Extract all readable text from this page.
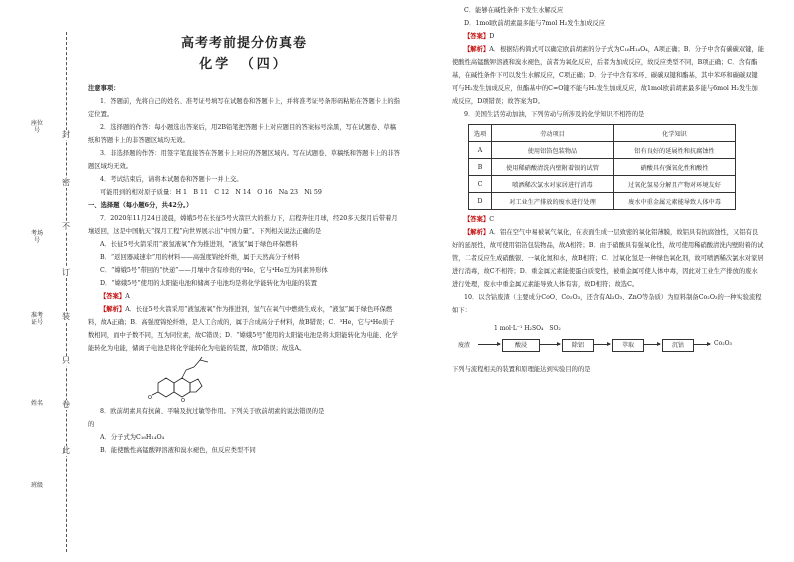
封
密
不
订
装
只
卷
此
座位号
考场号
准考证号
姓名
班级
高考考前提分仿真卷
化学　（四）

注意事项：

1．答题前，先将自己的姓名、准考证号填写在试题卷和答题卡上，并将准考证号条形码粘贴在答题卡上的指定位置。

2．选择题的作答：每小题选出答案后，用2B铅笔把答题卡上对应题目的答案标号涂黑，写在试题卷、草稿纸和答题卡上的非答题区域均无效。

3．非选择题的作答：用签字笔直接答在答题卡上对应的答题区域内。写在试题卷、草稿纸和答题卡上的非答题区域均无效。

4．考试结束后，请将本试题卷和答题卡一并上交。

可能用到的相对原子质量：H 1　B 11　C 12　N 14　O 16　Na 23　Ni 59

一、选择题（每小题6分，共42分。）

7．2020年11月24日凌晨，嫦娥5号在长征5号火箭巨大的推力下，启程奔往月球，经20多天探月后带着月壤返回，这是中国航天“探月工程”向世界展示出“中国力量”。下列相关说法正确的是

A．长征5号火箭采用“液氢液氧”作为推进剂，“液氢”属于绿色环保燃料

B．“返回器减速伞”用的材料——高强度锦纶纤维，属于天然高分子材料

C．“嫦娥5号”带回的“快递”——月壤中含有珍贵的³He，它与⁴He互为同素异形体

D．“嫦娥5号”使用的太阳能电池和储离子电池均是将化学能转化为电能的装置

【答案】A

【解析】A．长征5号火箭采用“液氢液氧”作为推进剂，氢气在氧气中燃烧生成水，“液氢”属于绿色环保燃料，故A正确；B．高强度锦纶纤维，是人工合成的，属于合成高分子材料，故B错误；C．³He，它与⁴He质子数相同，而中子数不同，互为同位素，故C错误；D．“嫦娥5号”使用的太阳能电池是将太阳能转化为电能、化学能转化为电能，储离子电池是将化学能转化为电能的装置，故D错误；故选A。

O	O

8．欧前胡素具有抗菌、平喘及抗过敏等作用。下列关于欧前胡素的说法错误的是

的

A．分子式为C₁₆H₁₄O₄

B．能使酸性高锰酸钾溶液和溴水褪色，但反应类型不同

C．能够在碱性条件下发生水解反应

D．1mol欧前胡素最多能与7mol H₂发生加成反应

【答案】D

【解析】A．根据结构简式可以确定欧前胡素的分子式为C₁₆H₁₄O₄，A项正确；B．分子中含有碳碳双键，能使酸性高锰酸钾溶液和溴水褪色，前者为氧化反应，后者为加成反应，故反应类型不同，B项正确；C．含有酯基，在碱性条件下可以发生水解反应，C项正确；D．分子中含有苯环、碳碳双键和酯基，其中苯环和碳碳双键可与H₂发生加成反应，但酯基中的C=O键不能与H₂发生加成反应，故1mol欧前胡素最多能与6mol H₂发生加成反应，D项错误；故答案为D。

9．美国生活劳动加油，下列劳动与所涉及的化学知识不相符的是

选项	劳动项目	化学知识
A	使用铝箔包装物品	铝有良好的延展性和抗腐蚀性
B	使用稀硝酸清洗内壁附着银的试管	硝酸具有强氧化性和酸性
C	喷洒稀次氯水对家居进行消毒	过氧化氢易分解且产物对环境友好
D	对工业生产排放的废水进行处理	废水中重金属元素能导致人体中毒

【答案】C

【解析】A．铝在空气中易被氧气氧化，在表面生成一层致密的氧化铝薄膜，故铝具有抗腐蚀性，又铝有良好的延展性，故可使用铝箔包装物品，故A相符；B．由于硝酸具有强氧化性，故可使用稀硝酸清洗内壁附着的试管，二者反应生成硝酸银、一氧化氮和水，故B相符；C．过氧化氢是一种绿色氧化剂，故可喷洒稀次氯水对家居进行消毒，故C不相符；D．重金属元素能使蛋白质变性，被重金属可使人体中毒，因此对工业生产排放的废水进行处理，废水中重金属元素能导致人体有害，故D相符；故选C。

10．以含钴废渣（主要成分CoO、Co₂O₃，还含有Al₂O₃、ZnO等杂质）为原料制备Co₂O₃的一种实验流程如下：

1 mol·L⁻¹ H₂SO₄　SO₂
废渣	酸浸	除铝	萃取	沉钴	Co₂O₃

下列与流程相关的装置和原理能达到实验目的的是
